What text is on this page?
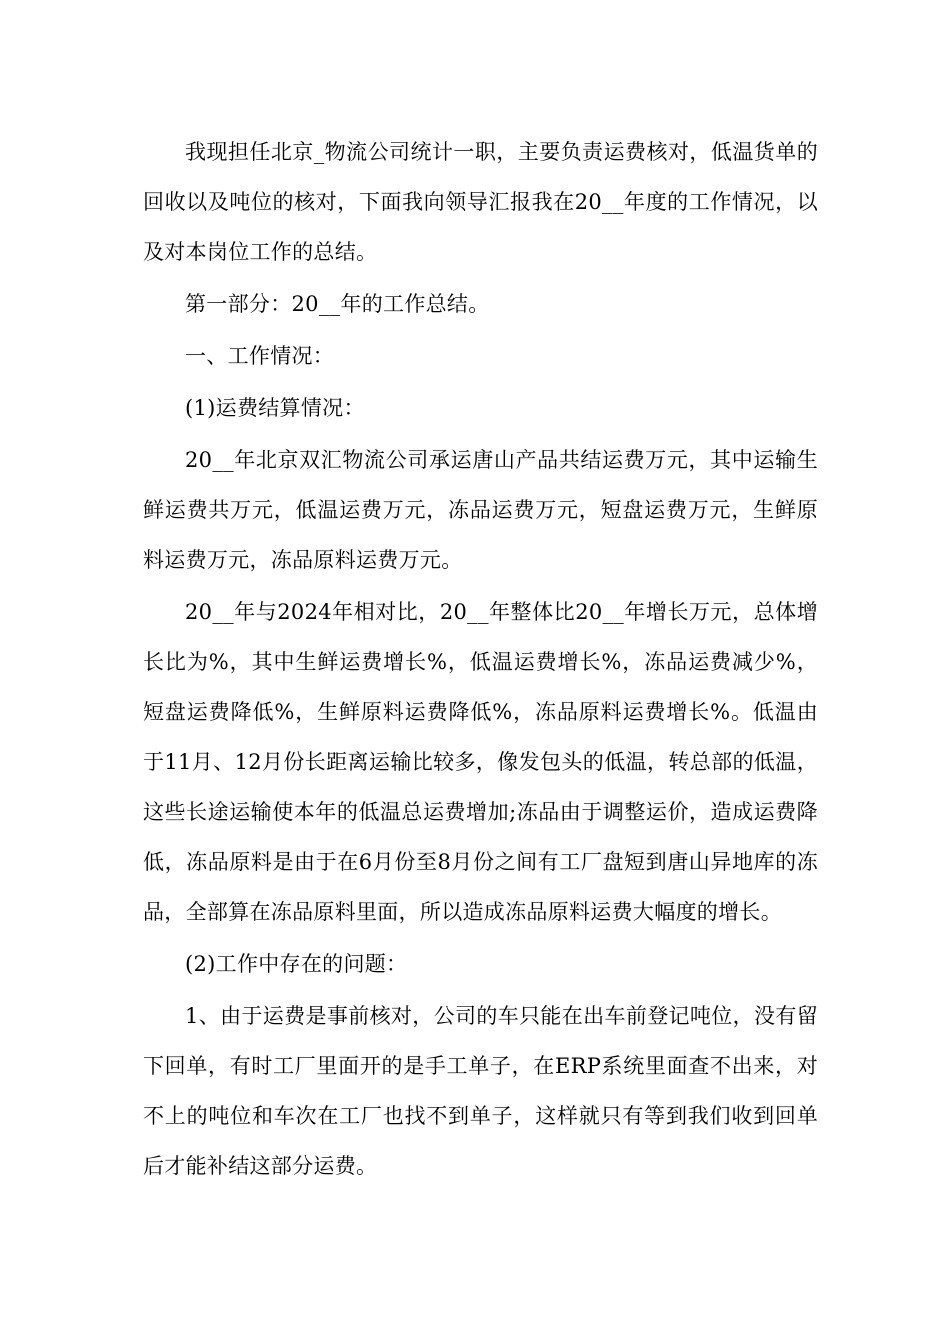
我现担任北京_物流公司统计一职，主要负责运费核对，低温货单的回收以及吨位的核对，下面我向领导汇报我在20__年度的工作情况，以及对本岗位工作的总结。

第一部分：20__年的工作总结。

一、工作情况：

(1)运费结算情况：

20__年北京双汇物流公司承运唐山产品共结运费万元，其中运输生鲜运费共万元，低温运费万元，冻品运费万元，短盘运费万元，生鲜原料运费万元，冻品原料运费万元。

20__年与2024年相对比，20__年整体比20__年增长万元，总体增长比为%，其中生鲜运费增长%，低温运费增长%，冻品运费减少%，短盘运费降低%，生鲜原料运费降低%，冻品原料运费增长%。低温由于11月、12月份长距离运输比较多，像发包头的低温，转总部的低温，这些长途运输使本年的低温总运费增加;冻品由于调整运价，造成运费降低，冻品原料是由于在6月份至8月份之间有工厂盘短到唐山异地库的冻品，全部算在冻品原料里面，所以造成冻品原料运费大幅度的增长。

(2)工作中存在的问题：

1、由于运费是事前核对，公司的车只能在出车前登记吨位，没有留下回单，有时工厂里面开的是手工单子，在ERP系统里面查不出来，对不上的吨位和车次在工厂也找不到单子，这样就只有等到我们收到回单后才能补结这部分运费。
